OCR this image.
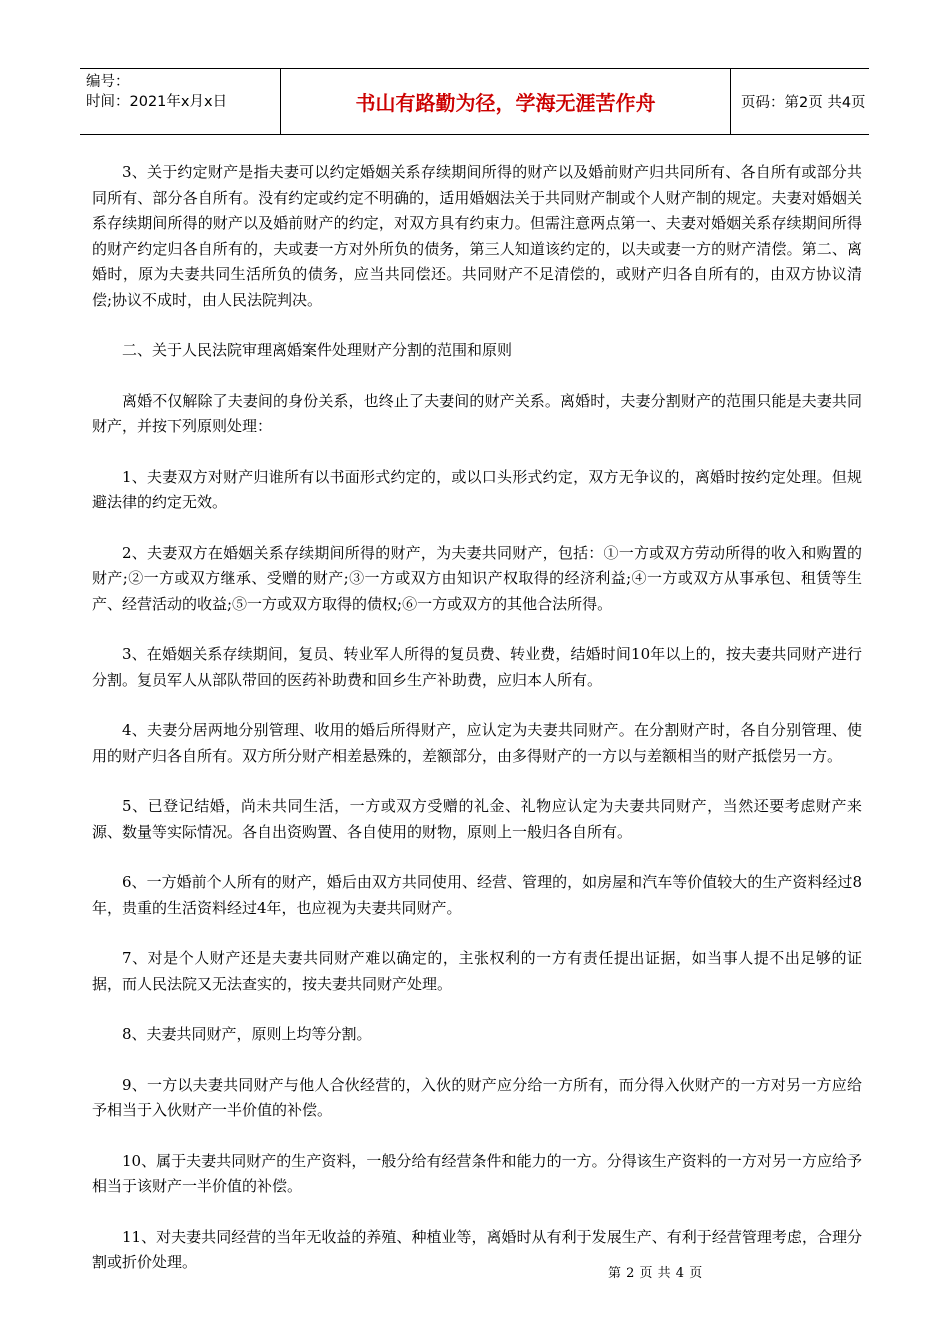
编号：
时间：2021年x月x日	书山有路勤为径，学海无涯苦作舟	页码：第2页 共4页

3、关于约定财产是指夫妻可以约定婚姻关系存续期间所得的财产以及婚前财产归共同所有、各自所有或部分共同所有、部分各自所有。没有约定或约定不明确的，适用婚姻法关于共同财产制或个人财产制的规定。夫妻对婚姻关系存续期间所得的财产以及婚前财产的约定，对双方具有约束力。但需注意两点第一、夫妻对婚姻关系存续期间所得的财产约定归各自所有的，夫或妻一方对外所负的债务，第三人知道该约定的，以夫或妻一方的财产清偿。第二、离婚时，原为夫妻共同生活所负的债务，应当共同偿还。共同财产不足清偿的，或财产归各自所有的，由双方协议清偿;协议不成时，由人民法院判决。

二、关于人民法院审理离婚案件处理财产分割的范围和原则

离婚不仅解除了夫妻间的身份关系，也终止了夫妻间的财产关系。离婚时，夫妻分割财产的范围只能是夫妻共同财产，并按下列原则处理：

1、夫妻双方对财产归谁所有以书面形式约定的，或以口头形式约定，双方无争议的，离婚时按约定处理。但规避法律的约定无效。

2、夫妻双方在婚姻关系存续期间所得的财产，为夫妻共同财产，包括：①一方或双方劳动所得的收入和购置的财产;②一方或双方继承、受赠的财产;③一方或双方由知识产权取得的经济利益;④一方或双方从事承包、租赁等生产、经营活动的收益;⑤一方或双方取得的债权;⑥一方或双方的其他合法所得。

3、在婚姻关系存续期间，复员、转业军人所得的复员费、转业费，结婚时间10年以上的，按夫妻共同财产进行分割。复员军人从部队带回的医药补助费和回乡生产补助费，应归本人所有。

4、夫妻分居两地分别管理、收用的婚后所得财产，应认定为夫妻共同财产。在分割财产时，各自分别管理、使用的财产归各自所有。双方所分财产相差悬殊的，差额部分，由多得财产的一方以与差额相当的财产抵偿另一方。

5、已登记结婚，尚未共同生活，一方或双方受赠的礼金、礼物应认定为夫妻共同财产，当然还要考虑财产来源、数量等实际情况。各自出资购置、各自使用的财物，原则上一般归各自所有。

6、一方婚前个人所有的财产，婚后由双方共同使用、经营、管理的，如房屋和汽车等价值较大的生产资料经过8年，贵重的生活资料经过4年，也应视为夫妻共同财产。

7、对是个人财产还是夫妻共同财产难以确定的，主张权利的一方有责任提出证据，如当事人提不出足够的证据，而人民法院又无法查实的，按夫妻共同财产处理。

8、夫妻共同财产，原则上均等分割。

9、一方以夫妻共同财产与他人合伙经营的，入伙的财产应分给一方所有，而分得入伙财产的一方对另一方应给予相当于入伙财产一半价值的补偿。

10、属于夫妻共同财产的生产资料，一般分给有经营条件和能力的一方。分得该生产资料的一方对另一方应给予相当于该财产一半价值的补偿。

11、对夫妻共同经营的当年无收益的养殖、种植业等，离婚时从有利于发展生产、有利于经营管理考虑，合理分割或折价处理。

第 2 页 共 4 页
